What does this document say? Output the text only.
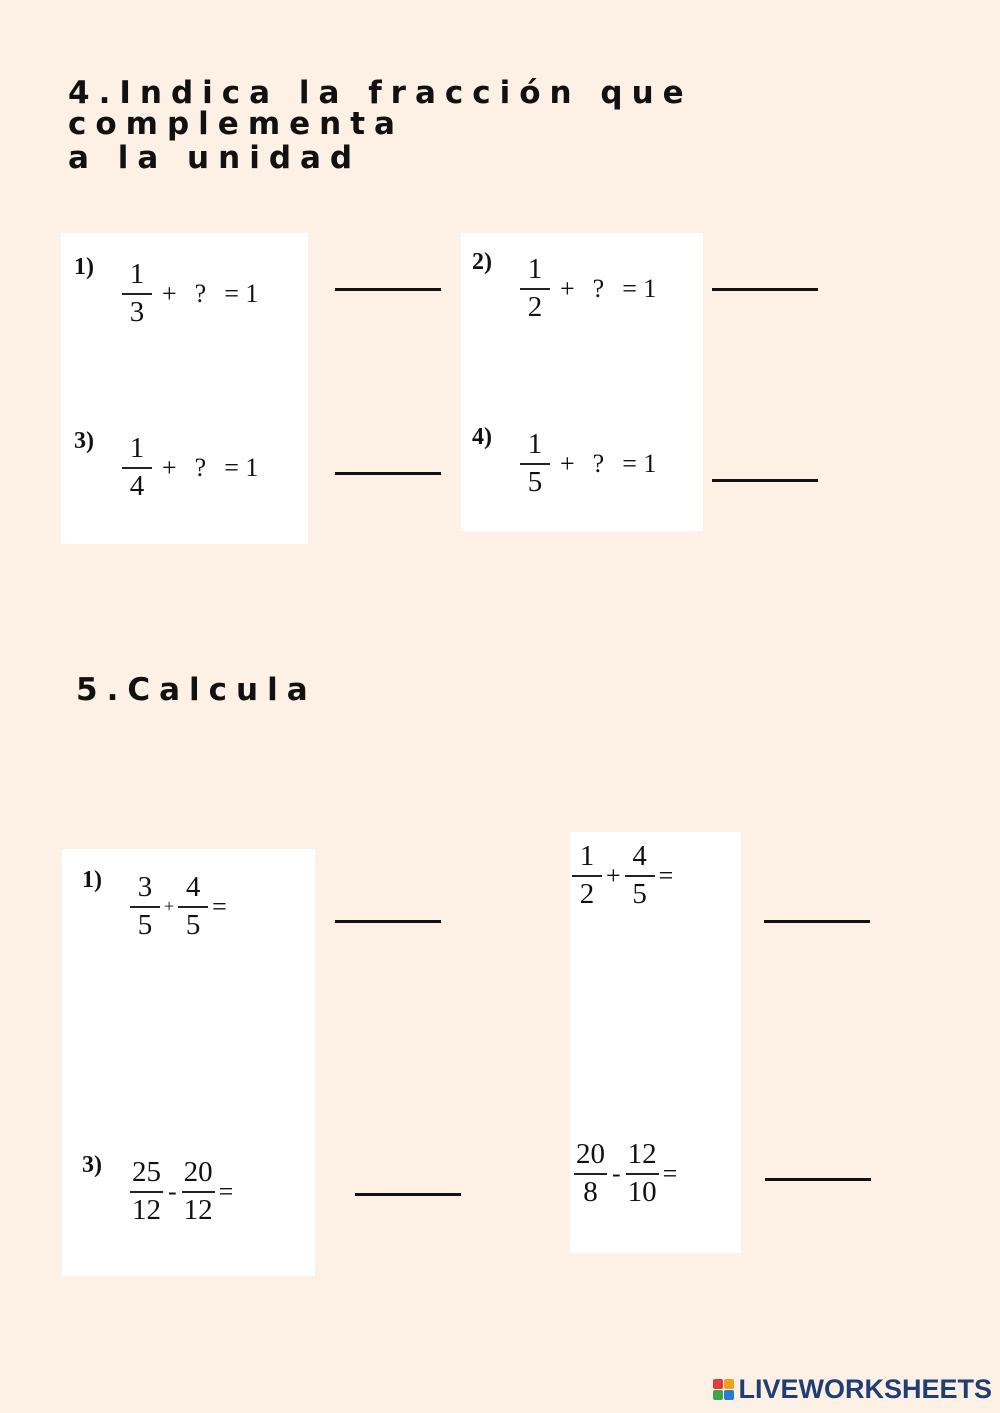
4.Indica la fracción que complementa
a la unidad
$1) \frac{1}{3}$ + ? = 1
$2) \frac{1}{2}$ + ? = 1
$3) \frac{1}{4}$ + ? = 1
$4) \frac{1}{5}$ + ? = 1
5.Calcula
$1) \frac{3}{5} + \frac{4}{5}$ =	$\frac{1}{2} + \frac{4}{5}$ =
$3) \frac{25}{12} - \frac{20}{12}$ =	$\frac{20}{8} - \frac{12}{10}$ =
LIVEWORKSHEETS
